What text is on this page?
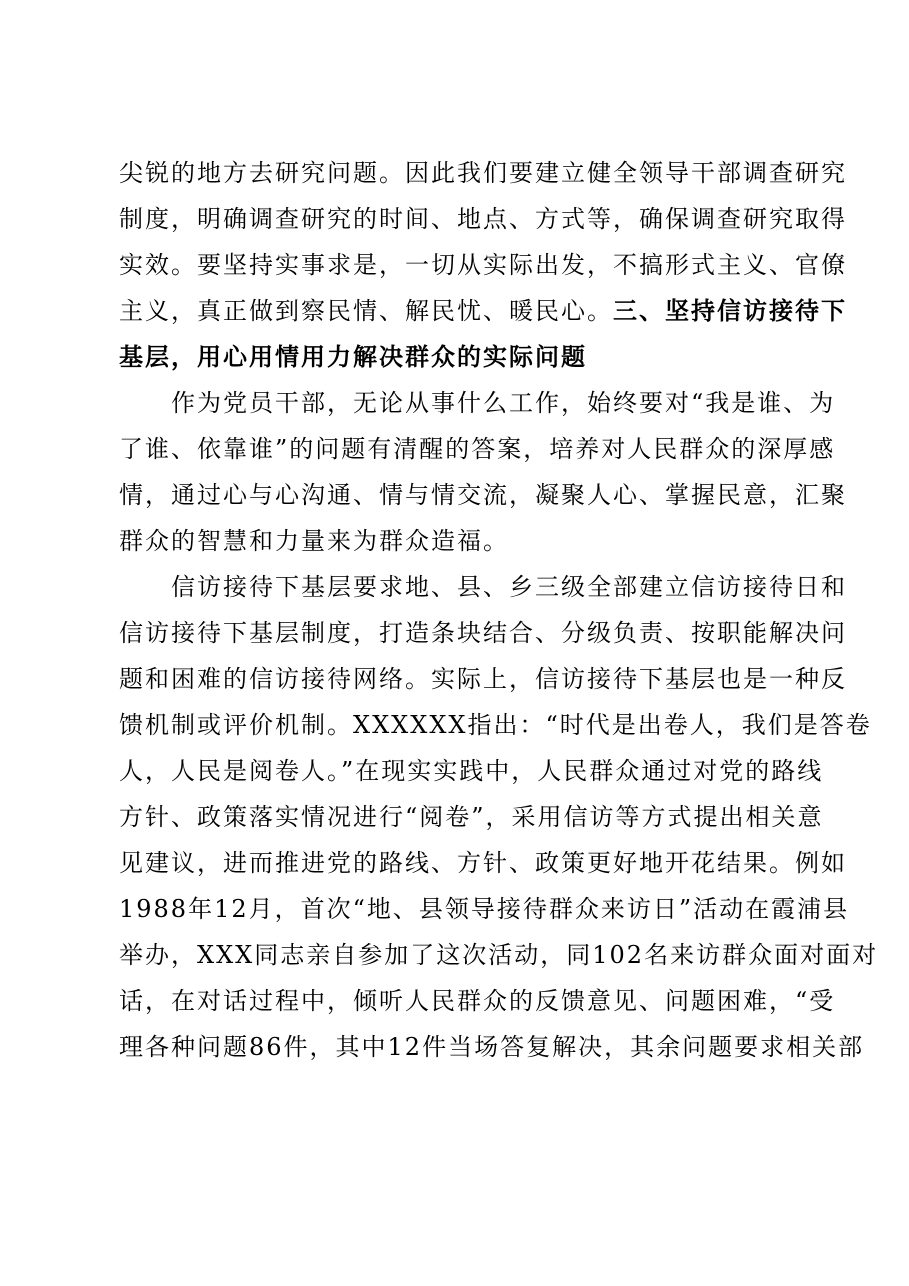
尖锐的地方去研究问题。因此我们要建立健全领导干部调查研究
制度，明确调查研究的时间、地点、方式等，确保调查研究取得
实效。要坚持实事求是，一切从实际出发，不搞形式主义、官僚
主义，真正做到察民情、解民忧、暖民心。三、坚持信访接待下
基层，用心用情用力解决群众的实际问题
作为党员干部，无论从事什么工作，始终要对“我是谁、为
了谁、依靠谁”的问题有清醒的答案，培养对人民群众的深厚感
情，通过心与心沟通、情与情交流，凝聚人心、掌握民意，汇聚
群众的智慧和力量来为群众造福。
信访接待下基层要求地、县、乡三级全部建立信访接待日和
信访接待下基层制度，打造条块结合、分级负责、按职能解决问
题和困难的信访接待网络。实际上，信访接待下基层也是一种反
馈机制或评价机制。XXXXXX指出：“时代是出卷人，我们是答卷
人，人民是阅卷人。”在现实实践中，人民群众通过对党的路线
方针、政策落实情况进行“阅卷”，采用信访等方式提出相关意
见建议，进而推进党的路线、方针、政策更好地开花结果。例如
1988年12月，首次“地、县领导接待群众来访日”活动在霞浦县
举办，XXX同志亲自参加了这次活动，同102名来访群众面对面对
话，在对话过程中，倾听人民群众的反馈意见、问题困难，“受
理各种问题86件，其中12件当场答复解决，其余问题要求相关部
